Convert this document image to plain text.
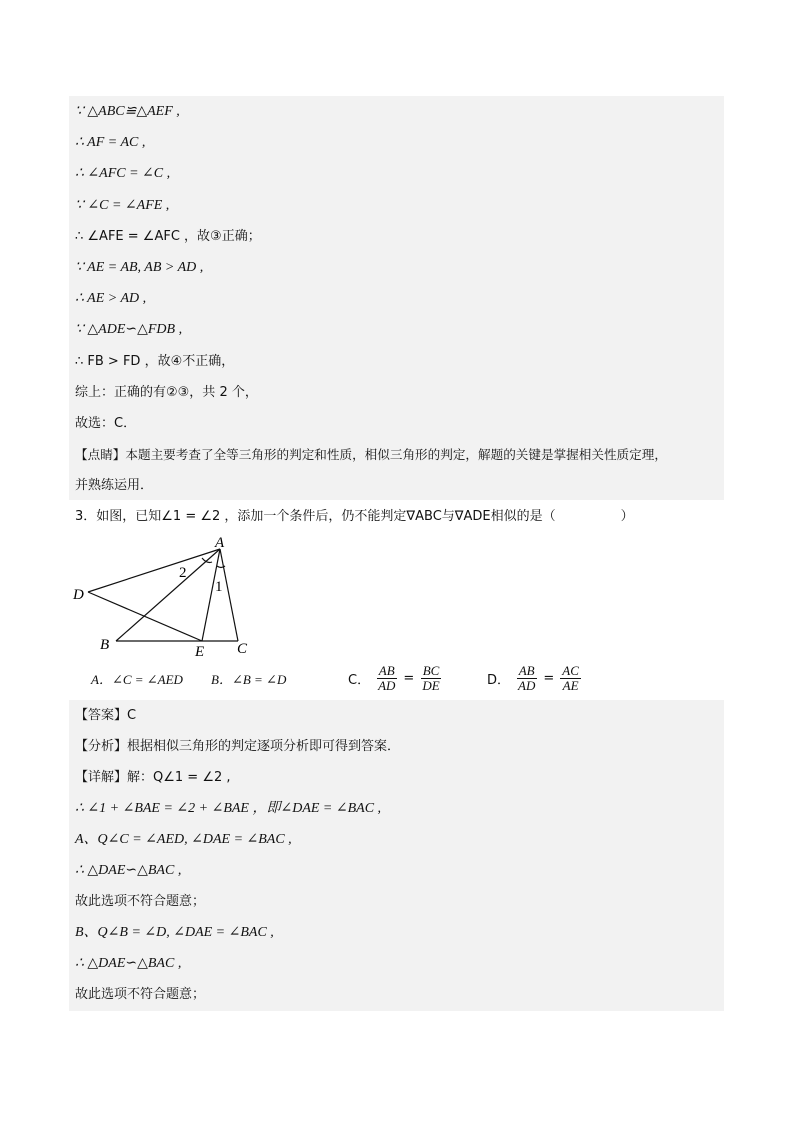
∵ △ABC≌△AEF ,
∴ AF = AC ,
∴ ∠AFC = ∠C ,
∵ ∠C = ∠AFE ,
∴ ∠AFE = ∠AFC ，故③正确；
∵ AE = AB, AB > AD ,
∴ AE > AD ,
∵ △ADE∽△FDB ,
∴ FB > FD ，故④不正确，
综上：正确的有②③，共 2 个，
故选：C．
【点睛】本题主要考查了全等三角形的判定和性质，相似三角形的判定，解题的关键是掌握相关性质定理，
并熟练运用．
3．如图，已知∠1 = ∠2 ，添加一个条件后，仍不能判定∇ABC与∇ADE相似的是（　　　　　）
A
2
1
D
B	E C
A．∠C = ∠AED B．∠B = ∠D	C． $\frac{AB}{AD} = \frac{BC}{DE}$	D． $\frac{AB}{AD} = \frac{AC}{AE}$
【答案】C
【分析】根据相似三角形的判定逐项分析即可得到答案．
【详解】解：Q∠1 = ∠2 ,
∴ ∠1 + ∠BAE = ∠2 + ∠BAE ，即∠DAE = ∠BAC ,
A、Q∠C = ∠AED, ∠DAE = ∠BAC ,
∴ △DAE∽△BAC ,
故此选项不符合题意；
B、Q∠B = ∠D, ∠DAE = ∠BAC ,
∴ △DAE∽△BAC ,
故此选项不符合题意；
